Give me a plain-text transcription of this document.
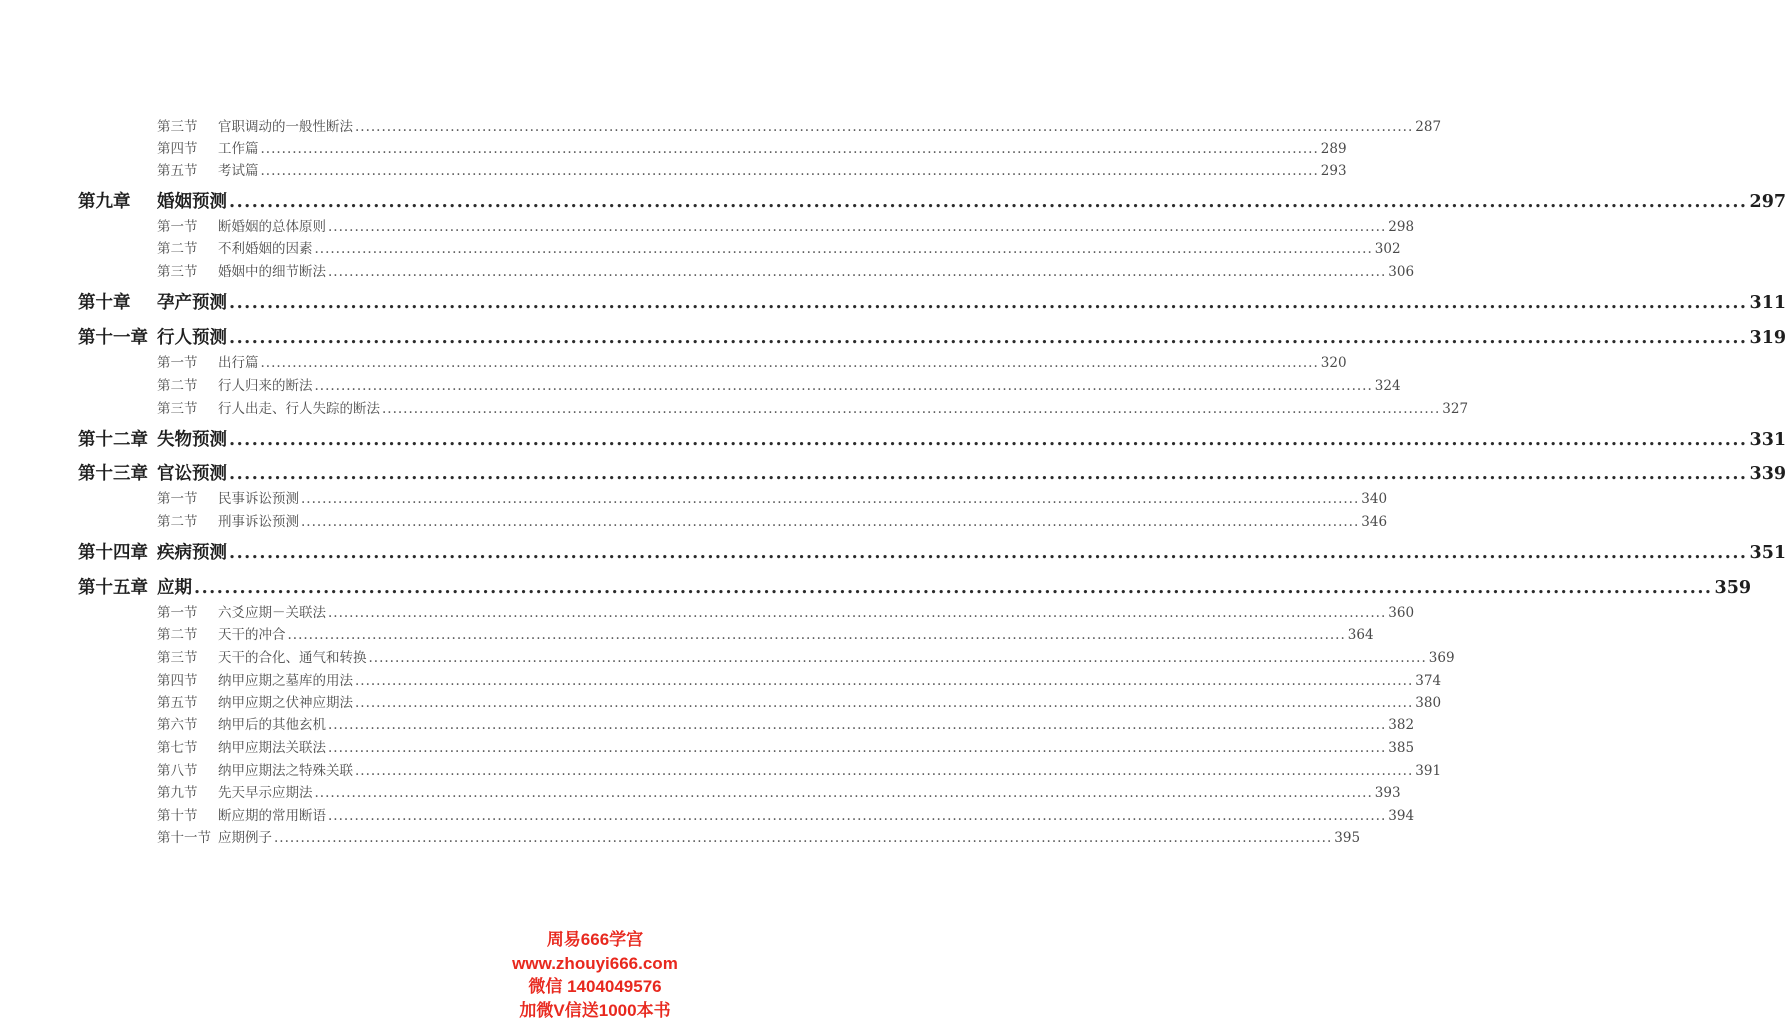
第三节	官职调动的一般性断法 ........................................................................................................................................................................................................ 287
第四节	工作篇 ........................................................................................................................................................................................................ 289
第五节	考试篇 ........................................................................................................................................................................................................ 293
第九章	婚姻预测 ........................................................................................................................................................................................................ 297
第一节	断婚姻的总体原则 ........................................................................................................................................................................................................ 298
第二节	不利婚姻的因素 ........................................................................................................................................................................................................ 302
第三节	婚姻中的细节断法 ........................................................................................................................................................................................................ 306
第十章	孕产预测 ........................................................................................................................................................................................................ 311
第十一章 行人预测 ........................................................................................................................................................................................................ 319
第一节	出行篇 ........................................................................................................................................................................................................ 320
第二节	行人归来的断法 ........................................................................................................................................................................................................ 324
第三节	行人出走、行人失踪的断法 ........................................................................................................................................................................................................ 327
第十二章 失物预测 ........................................................................................................................................................................................................ 331
第十三章 官讼预测 ........................................................................................................................................................................................................ 339
第一节	民事诉讼预测 ........................................................................................................................................................................................................ 340
第二节	刑事诉讼预测 ........................................................................................................................................................................................................ 346
第十四章 疾病预测 ........................................................................................................................................................................................................ 351
第十五章 应期 ........................................................................................................................................................................................................ 359
第一节	六爻应期－关联法 ........................................................................................................................................................................................................ 360
第二节	天干的冲合 ........................................................................................................................................................................................................ 364
第三节	天干的合化、通气和转换 ........................................................................................................................................................................................................ 369
第四节	纳甲应期之墓库的用法 ........................................................................................................................................................................................................ 374
第五节	纳甲应期之伏神应期法 ........................................................................................................................................................................................................ 380
第六节	纳甲后的其他玄机 ........................................................................................................................................................................................................ 382
第七节	纳甲应期法关联法 ........................................................................................................................................................................................................ 385
第八节	纳甲应期法之特殊关联 ........................................................................................................................................................................................................ 391
第九节	先天早示应期法 ........................................................................................................................................................................................................ 393
第十节	断应期的常用断语 ........................................................................................................................................................................................................ 394
第十一节 应期例子 ........................................................................................................................................................................................................ 395
周易666学宫
www.zhouyi666.com
微信 1404049576
加微V信送1000本书
